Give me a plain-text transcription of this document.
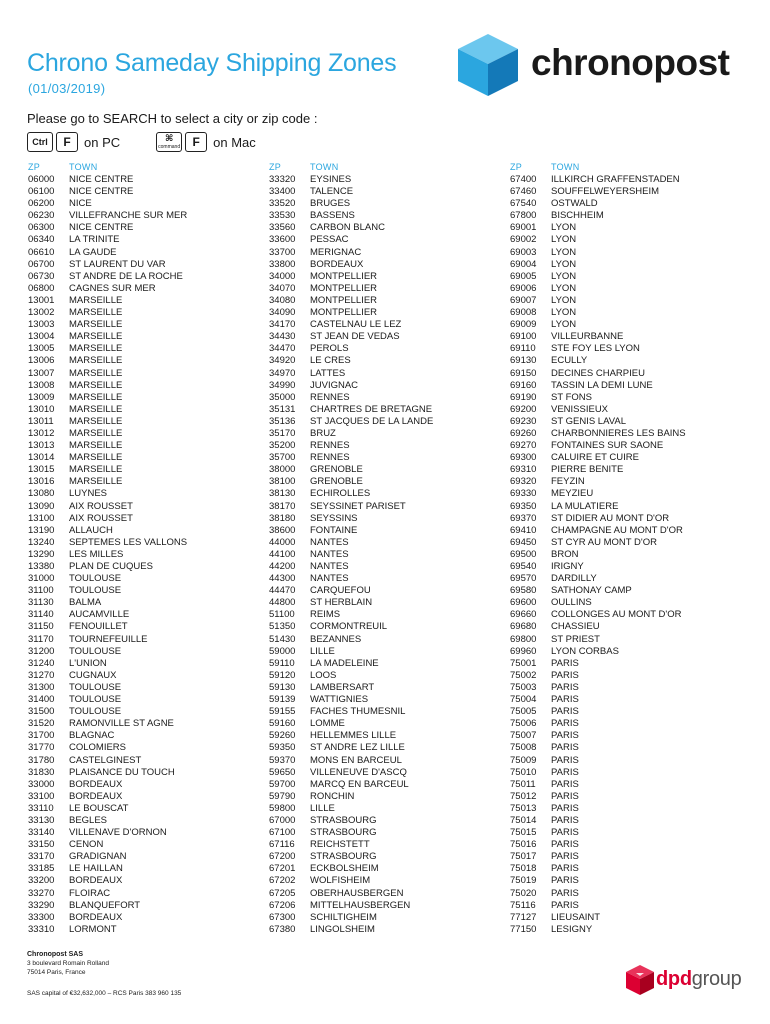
Chrono Sameday Shipping Zones
(01/03/2019)
chronopost
Please go to SEARCH to select a city or zip code :
Ctrl F on PC	⌘
command F on Mac
ZP	TOWN
06000	NICE CENTRE
06100	NICE CENTRE
06200	NICE
06230	VILLEFRANCHE SUR MER
06300	NICE CENTRE
06340	LA TRINITE
06610	LA GAUDE
06700	ST LAURENT DU VAR
06730	ST ANDRE DE LA ROCHE
06800	CAGNES SUR MER
13001	MARSEILLE
13002	MARSEILLE
13003	MARSEILLE
13004	MARSEILLE
13005	MARSEILLE
13006	MARSEILLE
13007	MARSEILLE
13008	MARSEILLE
13009	MARSEILLE
13010	MARSEILLE
13011	MARSEILLE
13012	MARSEILLE
13013	MARSEILLE
13014	MARSEILLE
13015	MARSEILLE
13016	MARSEILLE
13080	LUYNES
13090	AIX ROUSSET
13100	AIX ROUSSET
13190	ALLAUCH
13240	SEPTEMES LES VALLONS
13290	LES MILLES
13380	PLAN DE CUQUES
31000	TOULOUSE
31100	TOULOUSE
31130	BALMA
31140	AUCAMVILLE
31150	FENOUILLET
31170	TOURNEFEUILLE
31200	TOULOUSE
31240	L'UNION
31270	CUGNAUX
31300	TOULOUSE
31400	TOULOUSE
31500	TOULOUSE
31520	RAMONVILLE ST AGNE
31700	BLAGNAC
31770	COLOMIERS
31780	CASTELGINEST
31830	PLAISANCE DU TOUCH
33000	BORDEAUX
33100	BORDEAUX
33110	LE BOUSCAT
33130	BEGLES
33140	VILLENAVE D'ORNON
33150	CENON
33170	GRADIGNAN
33185	LE HAILLAN
33200	BORDEAUX
33270	FLOIRAC
33290	BLANQUEFORT
33300	BORDEAUX
33310	LORMONT
ZP	TOWN
33320	EYSINES
33400	TALENCE
33520	BRUGES
33530	BASSENS
33560	CARBON BLANC
33600	PESSAC
33700	MERIGNAC
33800	BORDEAUX
34000	MONTPELLIER
34070	MONTPELLIER
34080	MONTPELLIER
34090	MONTPELLIER
34170	CASTELNAU LE LEZ
34430	ST JEAN DE VEDAS
34470	PEROLS
34920	LE CRES
34970	LATTES
34990	JUVIGNAC
35000	RENNES
35131	CHARTRES DE BRETAGNE
35136	ST JACQUES DE LA LANDE
35170	BRUZ
35200	RENNES
35700	RENNES
38000	GRENOBLE
38100	GRENOBLE
38130	ECHIROLLES
38170	SEYSSINET PARISET
38180	SEYSSINS
38600	FONTAINE
44000	NANTES
44100	NANTES
44200	NANTES
44300	NANTES
44470	CARQUEFOU
44800	ST HERBLAIN
51100	REIMS
51350	CORMONTREUIL
51430	BEZANNES
59000	LILLE
59110	LA MADELEINE
59120	LOOS
59130	LAMBERSART
59139	WATTIGNIES
59155	FACHES THUMESNIL
59160	LOMME
59260	HELLEMMES LILLE
59350	ST ANDRE LEZ LILLE
59370	MONS EN BARCEUL
59650	VILLENEUVE D'ASCQ
59700	MARCQ EN BARCEUL
59790	RONCHIN
59800	LILLE
67000	STRASBOURG
67100	STRASBOURG
67116	REICHSTETT
67200	STRASBOURG
67201	ECKBOLSHEIM
67202	WOLFISHEIM
67205	OBERHAUSBERGEN
67206	MITTELHAUSBERGEN
67300	SCHILTIGHEIM
67380	LINGOLSHEIM
ZP	TOWN
67400	ILLKIRCH GRAFFENSTADEN
67460	SOUFFELWEYERSHEIM
67540	OSTWALD
67800	BISCHHEIM
69001	LYON
69002	LYON
69003	LYON
69004	LYON
69005	LYON
69006	LYON
69007	LYON
69008	LYON
69009	LYON
69100	VILLEURBANNE
69110	STE FOY LES LYON
69130	ECULLY
69150	DECINES CHARPIEU
69160	TASSIN LA DEMI LUNE
69190	ST FONS
69200	VENISSIEUX
69230	ST GENIS LAVAL
69260	CHARBONNIERES LES BAINS
69270	FONTAINES SUR SAONE
69300	CALUIRE ET CUIRE
69310	PIERRE BENITE
69320	FEYZIN
69330	MEYZIEU
69350	LA MULATIERE
69370	ST DIDIER AU MONT D'OR
69410	CHAMPAGNE AU MONT D'OR
69450	ST CYR AU MONT D'OR
69500	BRON
69540	IRIGNY
69570	DARDILLY
69580	SATHONAY CAMP
69600	OULLINS
69660	COLLONGES AU MONT D'OR
69680	CHASSIEU
69800	ST PRIEST
69960	LYON CORBAS
75001	PARIS
75002	PARIS
75003	PARIS
75004	PARIS
75005	PARIS
75006	PARIS
75007	PARIS
75008	PARIS
75009	PARIS
75010	PARIS
75011	PARIS
75012	PARIS
75013	PARIS
75014	PARIS
75015	PARIS
75016	PARIS
75017	PARIS
75018	PARIS
75019	PARIS
75020	PARIS
75116	PARIS
77127	LIEUSAINT
77150	LESIGNY
Chronopost SAS
3 boulevard Romain Rolland
75014 Paris, France
SAS capital of €32,632,000 – RCS Paris 383 960 135
dpdgroup
